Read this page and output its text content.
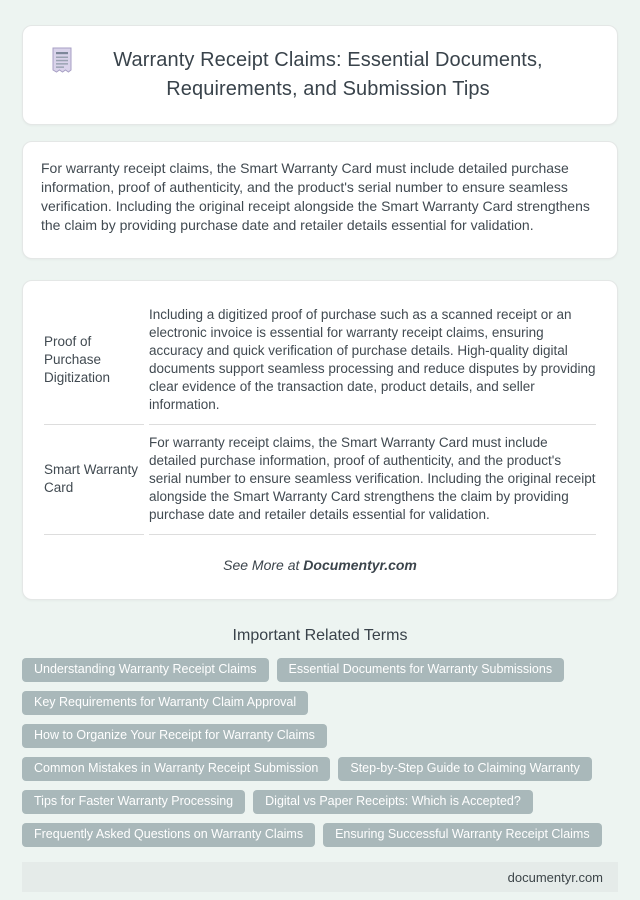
Warranty Receipt Claims: Essential Documents, Requirements, and Submission Tips

For warranty receipt claims, the Smart Warranty Card must include detailed purchase information, proof of authenticity, and the product's serial number to ensure seamless verification. Including the original receipt alongside the Smart Warranty Card strengthens the claim by providing purchase date and retailer details essential for validation.

Proof of Purchase Digitization	Including a digitized proof of purchase such as a scanned receipt or an electronic invoice is essential for warranty receipt claims, ensuring accuracy and quick verification of purchase details. High-quality digital documents support seamless processing and reduce disputes by providing clear evidence of the transaction date, product details, and seller information.
Smart Warranty Card	For warranty receipt claims, the Smart Warranty Card must include detailed purchase information, proof of authenticity, and the product's serial number to ensure seamless verification. Including the original receipt alongside the Smart Warranty Card strengthens the claim by providing purchase date and retailer details essential for validation.
See More at Documentyr.com
Important Related Terms
Understanding Warranty Receipt Claims	Essential Documents for Warranty Submissions
Key Requirements for Warranty Claim Approval
How to Organize Your Receipt for Warranty Claims
Common Mistakes in Warranty Receipt Submission	Step-by-Step Guide to Claiming Warranty
Tips for Faster Warranty Processing	Digital vs Paper Receipts: Which is Accepted?
Frequently Asked Questions on Warranty Claims	Ensuring Successful Warranty Receipt Claims
documentyr.com
